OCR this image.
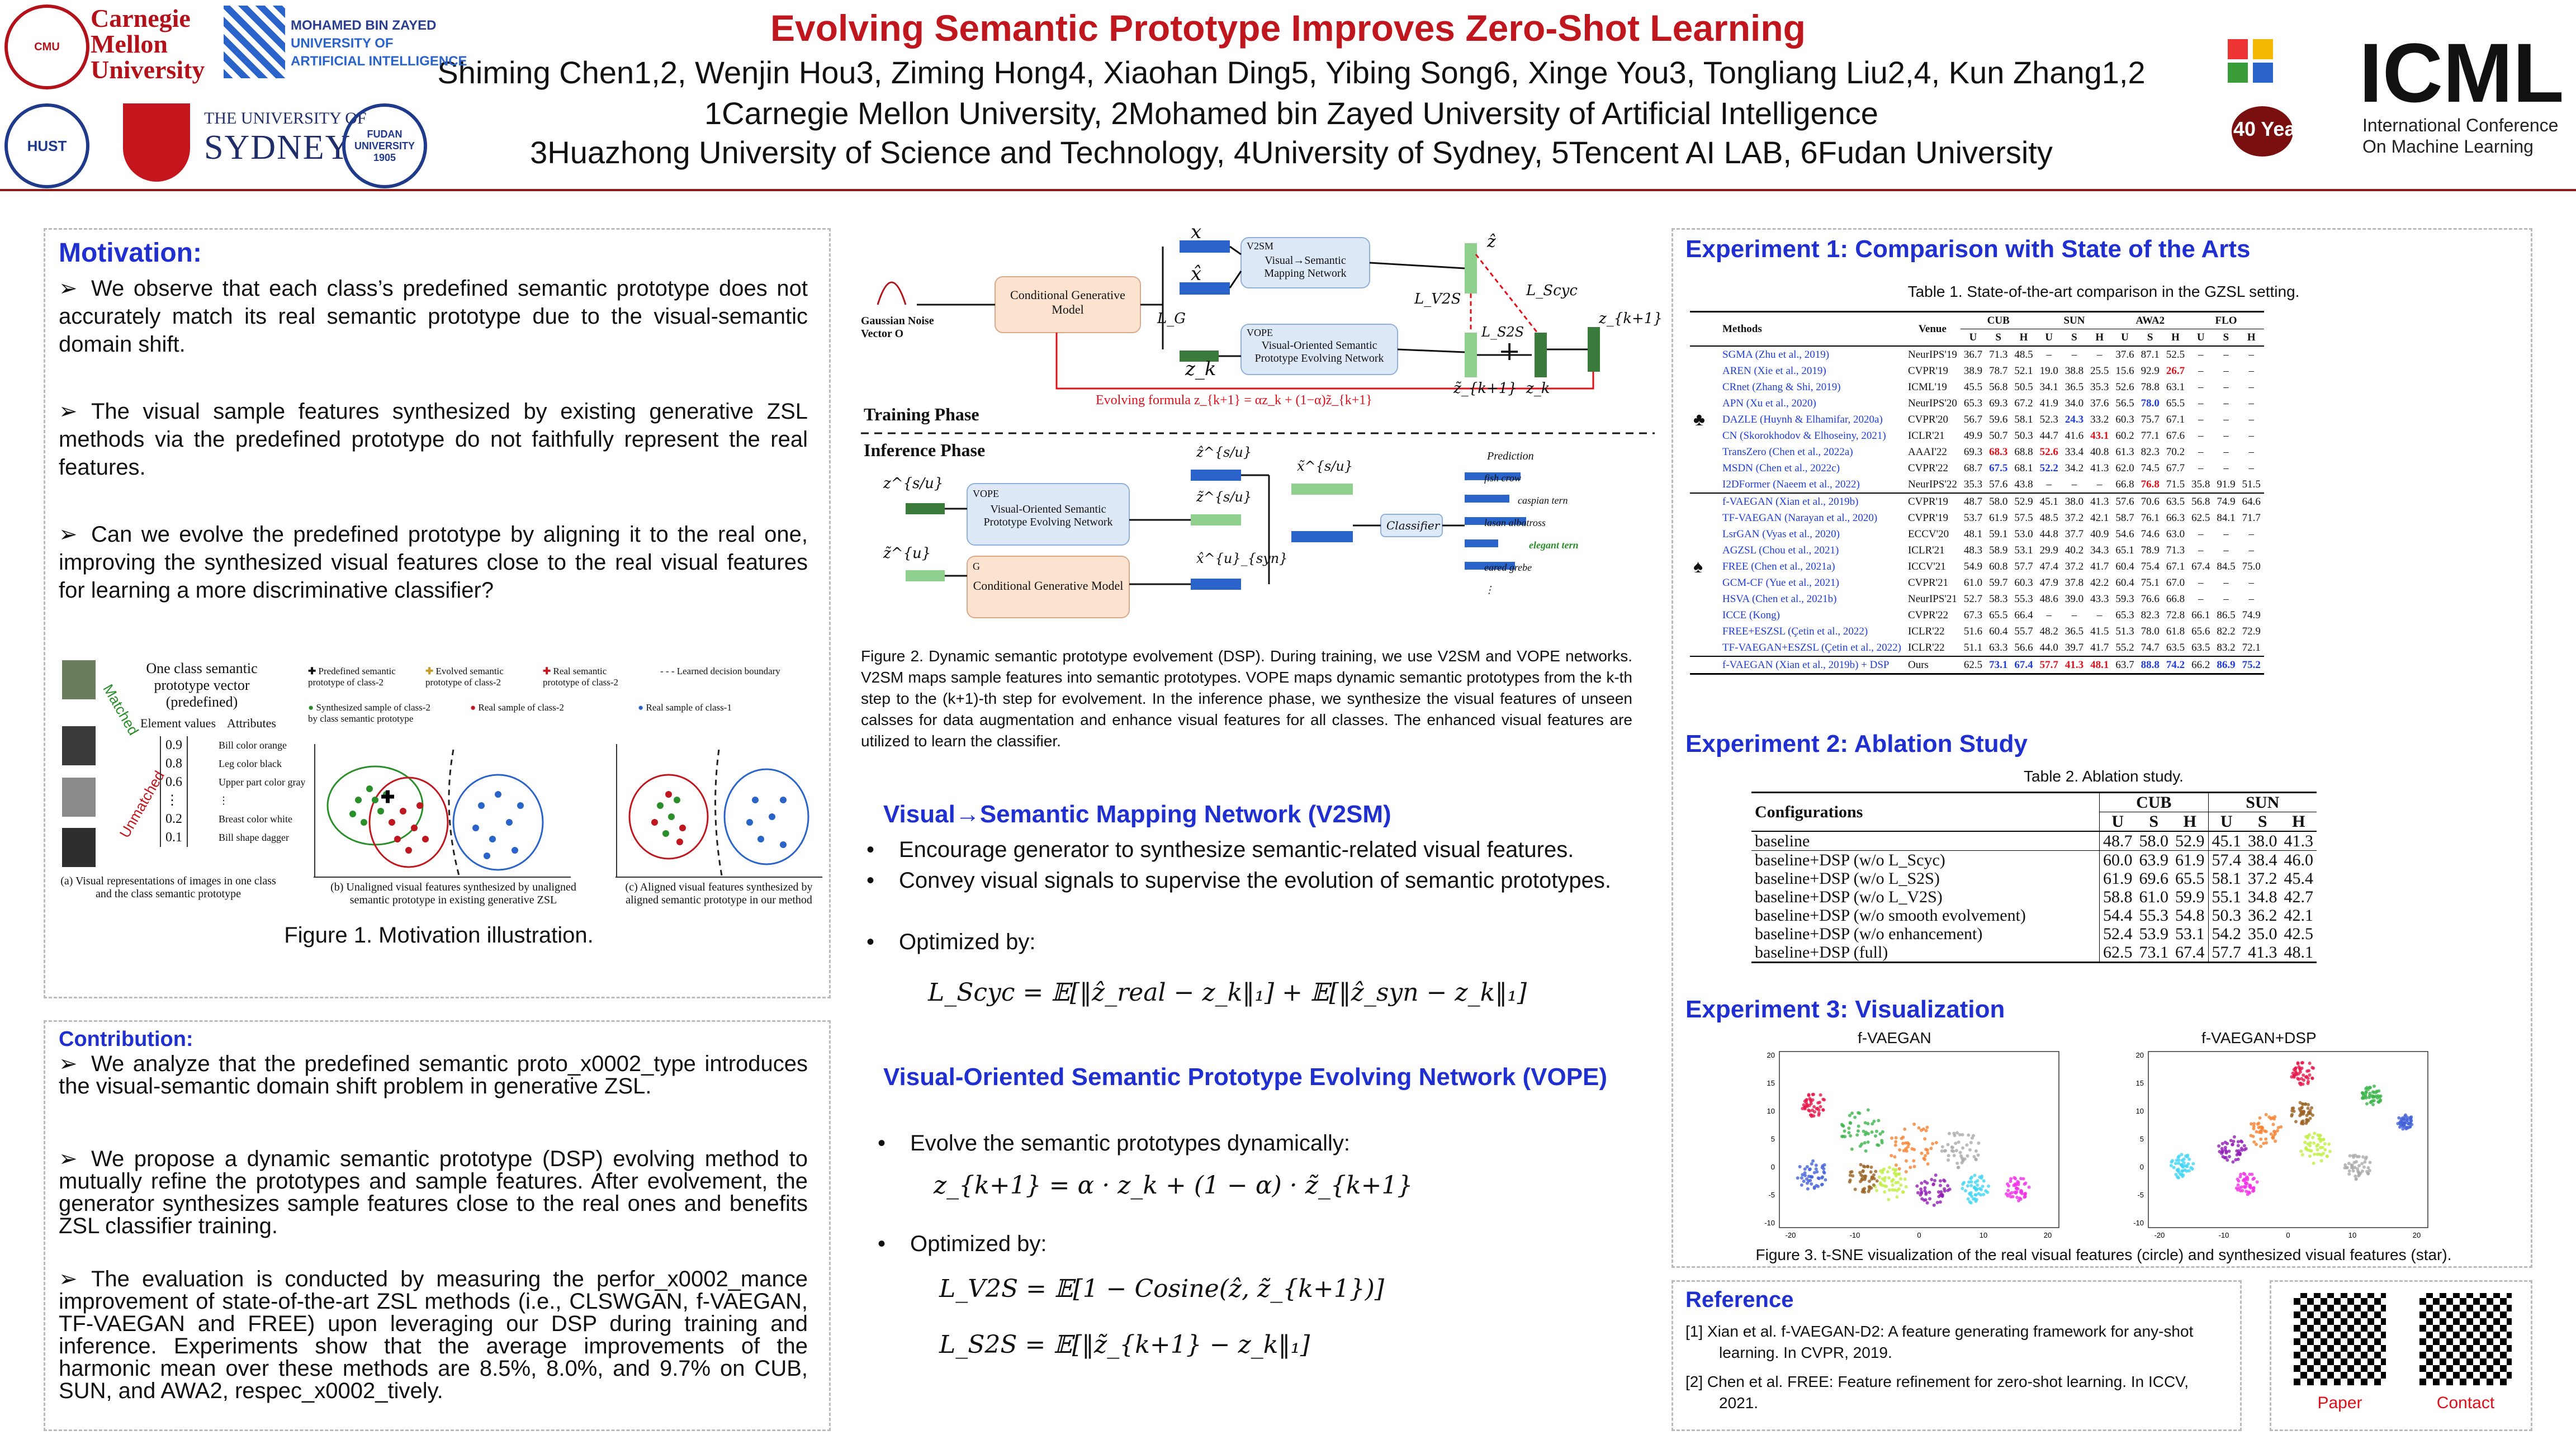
Evolving Semantic Prototype Improves Zero-Shot Learning
Shiming Chen1,2, Wenjin Hou3, Ziming Hong4, Xiaohan Ding5, Yibing Song6, Xinge You3, Tongliang Liu2,4, Kun Zhang1,2
1Carnegie Mellon University, 2Mohamed bin Zayed University of Artificial Intelligence
3Huazhong University of Science and Technology, 4University of Sydney, 5Tencent AI LAB, 6Fudan University
CMU
Carnegie Mellon University
MOHAMED BIN ZAYED
UNIVERSITY OF
ARTIFICIAL INTELLIGENCE
HUST
THE UNIVERSITY OF
SYDNEY	FUDAN UNIVERSITY 1905
40 Years
ICML
International Conference
On Machine Learning
Motivation:
➢ We observe that each class’s predefined semantic prototype does not accurately match its real semantic prototype due to the visual-semantic domain shift.
➢ The visual sample features synthesized by existing generative ZSL methods via the predefined prototype do not faithfully represent the real features.
➢ Can we evolve the predefined prototype by aligning it to the real one, improving the synthesized visual features close to the real visual features for learning a more discriminative classifier?
Matched
Unmatched
One class semantic prototype vector (predefined)
Element values Attributes
0.9
0.8
0.6
⋮
0.2
0.1
Bill color orange
Leg color black
Upper part color gray
⋮
Breast color white
Bill shape dagger
(a) Visual representations of images in one class and the class semantic prototype
✚ Predefined semantic prototype of class-2
✚ Evolved semantic prototype of class-2
✚ Real semantic prototype of class-2
- - - Learned decision boundary
● Synthesized sample of class-2 by class semantic prototype
● Real sample of class-2	● Real sample of class-1
✚
(b) Unaligned visual features synthesized by unaligned semantic prototype in existing generative ZSL
(c) Aligned visual features synthesized by aligned semantic prototype in our method
Figure 1. Motivation illustration.
Contribution:
➢ We analyze that the predefined semantic proto_x0002_type introduces the visual-semantic domain shift problem in generative ZSL.
➢ We propose a dynamic semantic prototype (DSP) evolving method to mutually refine the prototypes and sample features. After evolvement, the generator synthesizes sample features close to the real ones and benefits ZSL classifier training.
➢ The evaluation is conducted by measuring the perfor_x0002_mance improvement of state-of-the-art ZSL methods (i.e., CLSWGAN, f-VAEGAN, TF-VAEGAN and FREE) upon leveraging our DSP during training and inference. Experiments show that the average improvements of the harmonic mean over these methods are 8.5%, 8.0%, and 9.7% on CUB, SUN, and AWA2, respec_x0002_tively.
Gaussian Noise Vector O
Conditional Generative Model
V2SM
Visual→Semantic Mapping Network
VOPE
Visual-Oriented Semantic Prototype Evolving Network
x
x̂
z_k
ẑ
z̃_{k+1}
z_{k+1}
z_k
+
L_G
L_Scyc
L_V2S
L_S2S
Evolving formula z_{k+1} = αz_k + (1−α)z̃_{k+1}
Training Phase
Inference Phase
VOPE
Visual-Oriented Semantic Prototype Evolving Network
G
Conditional Generative Model
z^{s/u}
z̃^{u}
ẑ^{s/u}
z̃^{s/u}
x̂^{u}_{syn}
x̃^{s/u}
Classifier
Prediction
fish crow
caspian tern
lasan albatross
elegant tern
eared grebe
⋮
Figure 2. Dynamic semantic prototype evolvement (DSP). During training, we use V2SM and VOPE networks. V2SM maps sample features into semantic prototypes. VOPE maps dynamic semantic prototypes from the k-th step to the (k+1)-th step for evolvement. In the inference phase, we synthesize the visual features of unseen calsses for data augmentation and enhance visual features for all classes. The enhanced visual features are utilized to learn the classifier.
Visual→Semantic Mapping Network (V2SM)
• Encourage generator to synthesize semantic-related visual features.
• Convey visual signals to supervise the evolution of semantic prototypes.
• Optimized by:
L_Scyc = 𝔼[‖ẑ_real − z_k‖₁] + 𝔼[‖ẑ_syn − z_k‖₁]
Visual-Oriented Semantic Prototype Evolving Network (VOPE)
• Evolve the semantic prototypes dynamically:
z_{k+1} = α · z_k + (1 − α) · z̃_{k+1}
• Optimized by:
L_V2S = 𝔼[1 − Cosine(ẑ, z̃_{k+1})]
L_S2S = 𝔼[‖z̃_{k+1} − z_k‖₁]
Experiment 1: Comparison with State of the Arts
Table 1. State-of-the-art comparison in the GZSL setting.
	Methods	Venue	CUB			SUN			AWA2			FLO		
			U	S	H	U	S	H	U	S	H	U	S	H
	SGMA (Zhu et al., 2019)	NeurIPS'19	36.7	71.3	48.5	–	–	–	37.6	87.1	52.5	–	–	–
	AREN (Xie et al., 2019)	CVPR'19	38.9	78.7	52.1	19.0	38.8	25.5	15.6	92.9	26.7	–	–	–
	CRnet (Zhang & Shi, 2019)	ICML'19	45.5	56.8	50.5	34.1	36.5	35.3	52.6	78.8	63.1	–	–	–
	APN (Xu et al., 2020)	NeurIPS'20	65.3	69.3	67.2	41.9	34.0	37.6	56.5	78.0	65.5	–	–	–
♣	DAZLE (Huynh & Elhamifar, 2020a)	CVPR'20	56.7	59.6	58.1	52.3	24.3	33.2	60.3	75.7	67.1	–	–	–
	CN (Skorokhodov & Elhoseiny, 2021)	ICLR'21	49.9	50.7	50.3	44.7	41.6	43.1	60.2	77.1	67.6	–	–	–
	TransZero (Chen et al., 2022a)	AAAI'22	69.3	68.3	68.8	52.6	33.4	40.8	61.3	82.3	70.2	–	–	–
	MSDN (Chen et al., 2022c)	CVPR'22	68.7	67.5	68.1	52.2	34.2	41.3	62.0	74.5	67.7	–	–	–
	I2DFormer (Naeem et al., 2022)	NeurIPS'22	35.3	57.6	43.8	–	–	–	66.8	76.8	71.5	35.8	91.9	51.5
	f-VAEGAN (Xian et al., 2019b)	CVPR'19	48.7	58.0	52.9	45.1	38.0	41.3	57.6	70.6	63.5	56.8	74.9	64.6
	TF-VAEGAN (Narayan et al., 2020)	CVPR'19	53.7	61.9	57.5	48.5	37.2	42.1	58.7	76.1	66.3	62.5	84.1	71.7
	LsrGAN (Vyas et al., 2020)	ECCV'20	48.1	59.1	53.0	44.8	37.7	40.9	54.6	74.6	63.0	–	–	–
	AGZSL (Chou et al., 2021)	ICLR'21	48.3	58.9	53.1	29.9	40.2	34.3	65.1	78.9	71.3	–	–	–
♠	FREE (Chen et al., 2021a)	ICCV'21	54.9	60.8	57.7	47.4	37.2	41.7	60.4	75.4	67.1	67.4	84.5	75.0
	GCM-CF (Yue et al., 2021)	CVPR'21	61.0	59.7	60.3	47.9	37.8	42.2	60.4	75.1	67.0	–	–	–
	HSVA (Chen et al., 2021b)	NeurIPS'21	52.7	58.3	55.3	48.6	39.0	43.3	59.3	76.6	66.8	–	–	–
	ICCE (Kong)	CVPR'22	67.3	65.5	66.4	–	–	–	65.3	82.3	72.8	66.1	86.5	74.9
	FREE+ESZSL (Çetin et al., 2022)	ICLR'22	51.6	60.4	55.7	48.2	36.5	41.5	51.3	78.0	61.8	65.6	82.2	72.9
	TF-VAEGAN+ESZSL (Çetin et al., 2022)	ICLR'22	51.1	63.3	56.6	44.0	39.7	41.7	55.2	74.7	63.5	63.5	83.2	72.1
	f-VAEGAN (Xian et al., 2019b) + DSP	Ours	62.5	73.1	67.4	57.7	41.3	48.1	63.7	88.8	74.2	66.2	86.9	75.2
Experiment 2: Ablation Study
Table 2. Ablation study.
Configurations	CUB			SUN		
	U	S	H	U	S	H
baseline	48.7	58.0	52.9	45.1	38.0	41.3
baseline+DSP (w/o L_Scyc)	60.0	63.9	61.9	57.4	38.4	46.0
baseline+DSP (w/o L_S2S)	61.9	69.6	65.5	58.1	37.2	45.4
baseline+DSP (w/o L_V2S)	58.8	61.0	59.9	55.1	34.8	42.7
baseline+DSP (w/o smooth evolvement)	54.4	55.3	54.8	50.3	36.2	42.1
baseline+DSP (w/o enhancement)	52.4	53.9	53.1	54.2	35.0	42.5
baseline+DSP (full)	62.5	73.1	67.4	57.7	41.3	48.1
Experiment 3: Visualization
f-VAEGAN	f-VAEGAN+DSP
20
15
10
5
0
-5
-10
-20	-10	0	10	20
20
15
10
5
0
-5
-10
-20	-10	0	10	20
Figure 3. t-SNE visualization of the real visual features (circle) and synthesized visual features (star).
Reference
[1] Xian et al. f-VAEGAN-D2: A feature generating framework for any-shot learning. In CVPR, 2019.
[2] Chen et al. FREE: Feature refinement for zero-shot learning. In ICCV, 2021.	Paper	Contact
